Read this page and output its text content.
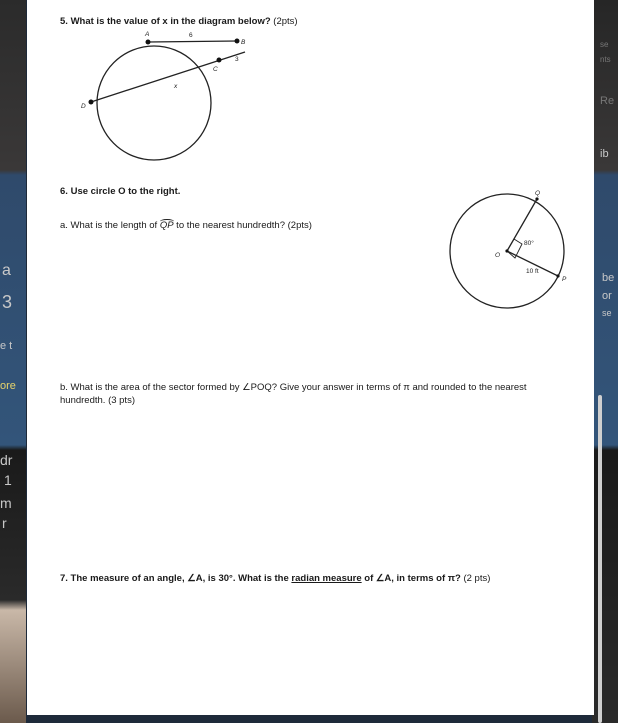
a
3
e t
ore
dr
1
m
r
se
nts
Re
ib
be
or
se
5. What is the value of x in the diagram below? (2pts)
A
B
C
D
6
3
x
6. Use circle O to the right.
a. What is the length of
QP to the nearest hundredth? (2pts)
O
Q
P
80°
10 ft
b. What is the area of the sector formed by ∠POQ? Give your answer in terms of π and rounded to the nearest
hundredth. (3 pts)
7. The measure of an angle, ∠A, is 30°. What is the radian measure of ∠A, in terms of π? (2 pts)
